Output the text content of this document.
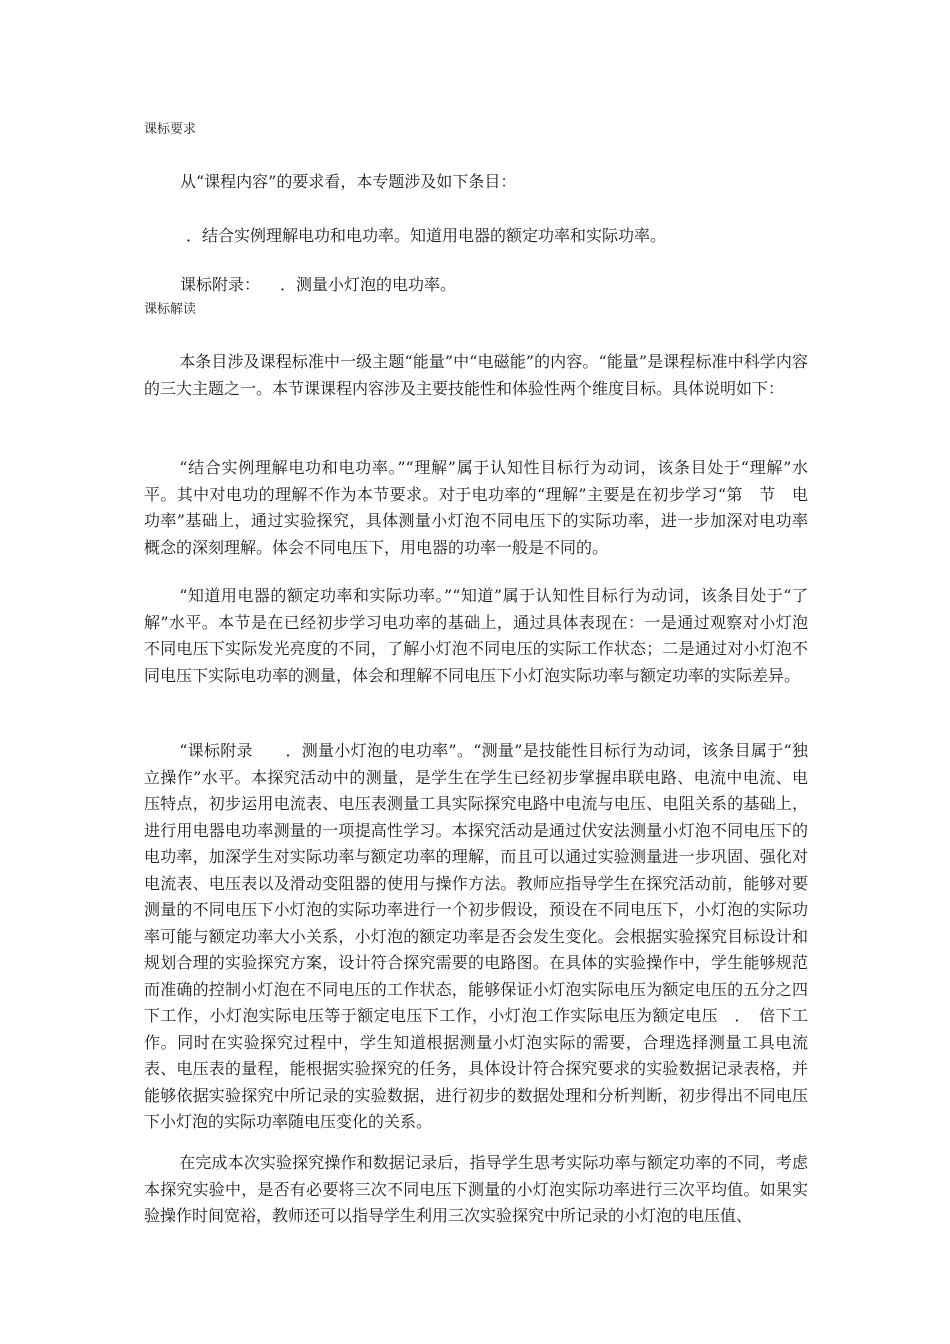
课标要求
从“课程内容”的要求看，本专题涉及如下条目：
．结合实例理解电功和电功率。知道用电器的额定功率和实际功率。
课标附录： ．测量小灯泡的电功率。
课标解读

本条目涉及课程标准中一级主题“能量”中“电磁能”的内容。“能量”是课程标准中科学内容的三大主题之一。本节课课程内容涉及主要技能性和体验性两个维度目标。具体说明如下：

“结合实例理解电功和电功率。”“理解”属于认知性目标行为动词，该条目处于“理解”水平。其中对电功的理解不作为本节要求。对于电功率的“理解”主要是在初步学习“第　节　电功率”基础上，通过实验探究，具体测量小灯泡不同电压下的实际功率，进一步加深对电功率概念的深刻理解。体会不同电压下，用电器的功率一般是不同的。

“知道用电器的额定功率和实际功率。”“知道”属于认知性目标行为动词，该条目处于“了解”水平。本节是在已经初步学习电功率的基础上，通过具体表现在：一是通过观察对小灯泡不同电压下实际发光亮度的不同，了解小灯泡不同电压的实际工作状态；二是通过对小灯泡不同电压下实际电功率的测量，体会和理解不同电压下小灯泡实际功率与额定功率的实际差异。

“课标附录　　．测量小灯泡的电功率”。“测量”是技能性目标行为动词，该条目属于“独立操作”水平。本探究活动中的测量，是学生在学生已经初步掌握串联电路、电流中电流、电压特点，初步运用电流表、电压表测量工具实际探究电路中电流与电压、电阻关系的基础上，进行用电器电功率测量的一项提高性学习。本探究活动是通过伏安法测量小灯泡不同电压下的电功率，加深学生对实际功率与额定功率的理解，而且可以通过实验测量进一步巩固、强化对电流表、电压表以及滑动变阻器的使用与操作方法。教师应指导学生在探究活动前，能够对要测量的不同电压下小灯泡的实际功率进行一个初步假设，预设在不同电压下，小灯泡的实际功率可能与额定功率大小关系，小灯泡的额定功率是否会发生变化。会根据实验探究目标设计和规划合理的实验探究方案，设计符合探究需要的电路图。在具体的实验操作中，学生能够规范而准确的控制小灯泡在不同电压的工作状态，能够保证小灯泡实际电压为额定电压的五分之四下工作，小灯泡实际电压等于额定电压下工作，小灯泡工作实际电压为额定电压　．　倍下工作。同时在实验探究过程中，学生知道根据测量小灯泡实际的需要，合理选择测量工具电流表、电压表的量程，能根据实验探究的任务，具体设计符合探究要求的实验数据记录表格，并能够依据实验探究中所记录的实验数据，进行初步的数据处理和分析判断，初步得出不同电压下小灯泡的实际功率随电压变化的关系。

在完成本次实验探究操作和数据记录后，指导学生思考实际功率与额定功率的不同，考虑本探究实验中，是否有必要将三次不同电压下测量的小灯泡实际功率进行三次平均值。如果实验操作时间宽裕，教师还可以指导学生利用三次实验探究中所记录的小灯泡的电压值、
